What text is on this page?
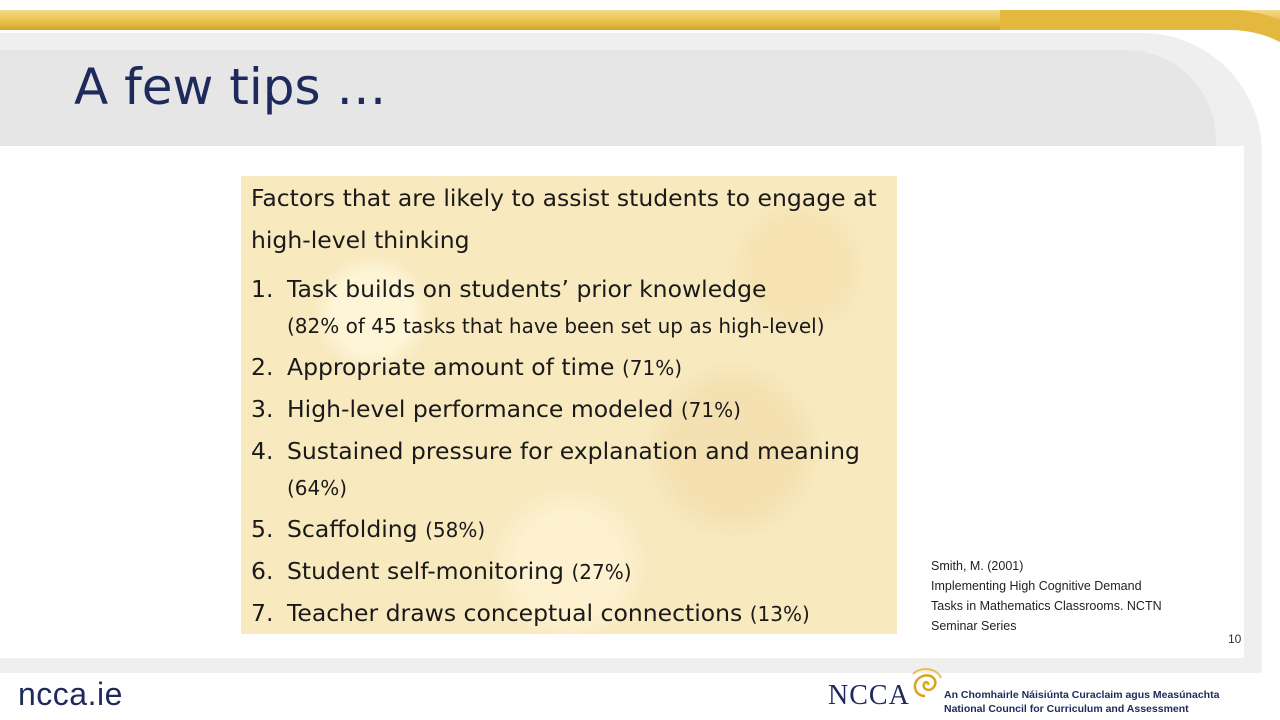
A few tips …

Factors that are likely to assist students to engage at high-level thinking

1. Task builds on students’ prior knowledge
(82% of 45 tasks that have been set up as high-level)
2. Appropriate amount of time (71%)
3. High-level performance modeled (71%)
4. Sustained pressure for explanation and meaning
(64%)
5. Scaffolding (58%)
6. Student self-monitoring (27%)
7. Teacher draws conceptual connections (13%)
Smith, M. (2001)
Implementing High Cognitive Demand
Tasks in Mathematics Classrooms. NCTN
Seminar Series
10
ncca.ie	NCCA	An Chomhairle Náisiúnta Curaclaim agus Measúnachta
National Council for Curriculum and Assessment
